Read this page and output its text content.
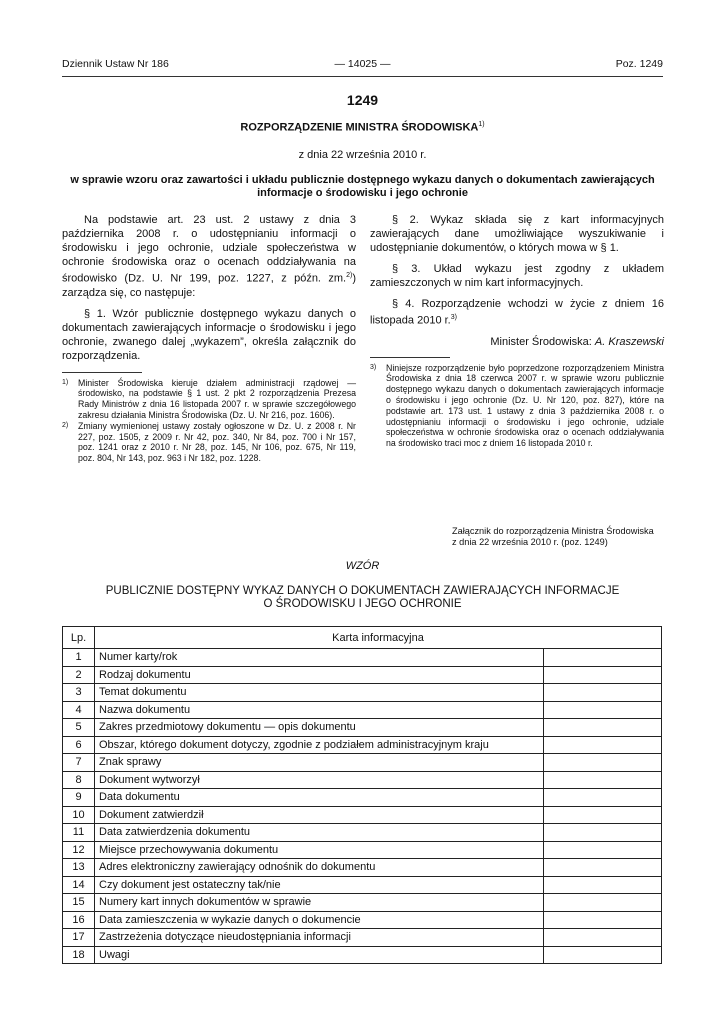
Dziennik Ustaw Nr 186	— 14025 —	Poz. 1249
1249
ROZPORZĄDZENIE MINISTRA ŚRODOWISKA$^{1)}$
z dnia 22 września 2010 r.
w sprawie wzoru oraz zawartości i układu publicznie dostępnego wykazu danych o dokumentach zawierających informacje o środowisku i jego ochronie

Na podstawie art. 23 ust. 2 ustawy z dnia 3 października 2008 r. o udostępnianiu informacji o środowisku i jego ochronie, udziale społeczeństwa w ochronie środowiska oraz o ocenach oddziaływania na środowisko (Dz. U. Nr 199, poz. 1227, z późn. zm.$^{2)}$) zarządza się, co następuje:

§ 1. Wzór publicznie dostępnego wykazu danych o dokumentach zawierających informacje o środowisku i jego ochronie, zwanego dalej „wykazem”, określa załącznik do rozporządzenia.

$^{1)}$	Minister Środowiska kieruje działem administracji rządowej — środowisko, na podstawie § 1 ust. 2 pkt 2 rozporządzenia Prezesa Rady Ministrów z dnia 16 listopada 2007 r. w sprawie szczegółowego zakresu działania Ministra Środowiska (Dz. U. Nr 216, poz. 1606).
$^{2)}$	Zmiany wymienionej ustawy zostały ogłoszone w Dz. U. z 2008 r. Nr 227, poz. 1505, z 2009 r. Nr 42, poz. 340, Nr 84, poz. 700 i Nr 157, poz. 1241 oraz z 2010 r. Nr 28, poz. 145, Nr 106, poz. 675, Nr 119, poz. 804, Nr 143, poz. 963 i Nr 182, poz. 1228.

§ 2. Wykaz składa się z kart informacyjnych zawierających dane umożliwiające wyszukiwanie i udostępnianie dokumentów, o których mowa w § 1.

§ 3. Układ wykazu jest zgodny z układem zamieszczonych w nim kart informacyjnych.

§ 4. Rozporządzenie wchodzi w życie z dniem 16 listopada 2010 r.$^{3)}$

Minister Środowiska: A. Kraszewski
$^{3)}$	Niniejsze rozporządzenie było poprzedzone rozporządzeniem Ministra Środowiska z dnia 18 czerwca 2007 r. w sprawie wzoru publicznie dostępnego wykazu danych o dokumentach zawierających informacje o środowisku i jego ochronie (Dz. U. Nr 120, poz. 827), które na podstawie art. 173 ust. 1 ustawy z dnia 3 października 2008 r. o udostępnianiu informacji o środowisku i jego ochronie, udziale społeczeństwa w ochronie środowiska oraz o ocenach oddziaływania na środowisko traci moc z dniem 16 listopada 2010 r.
Załącznik do rozporządzenia Ministra Środowiska
z dnia 22 września 2010 r. (poz. 1249)
WZÓR
PUBLICZNIE DOSTĘPNY WYKAZ DANYCH O DOKUMENTACH ZAWIERAJĄCYCH INFORMACJE
O ŚRODOWISKU I JEGO OCHRONIE
Lp.	Karta informacyjna	
1	Numer karty/rok	
2	Rodzaj dokumentu	
3	Temat dokumentu	
4	Nazwa dokumentu	
5	Zakres przedmiotowy dokumentu — opis dokumentu	
6	Obszar, którego dokument dotyczy, zgodnie z podziałem administracyjnym kraju	
7	Znak sprawy	
8	Dokument wytworzył	
9	Data dokumentu	
10	Dokument zatwierdził	
11	Data zatwierdzenia dokumentu	
12	Miejsce przechowywania dokumentu	
13	Adres elektroniczny zawierający odnośnik do dokumentu	
14	Czy dokument jest ostateczny tak/nie	
15	Numery kart innych dokumentów w sprawie	
16	Data zamieszczenia w wykazie danych o dokumencie	
17	Zastrzeżenia dotyczące nieudostępniania informacji	
18	Uwagi	
